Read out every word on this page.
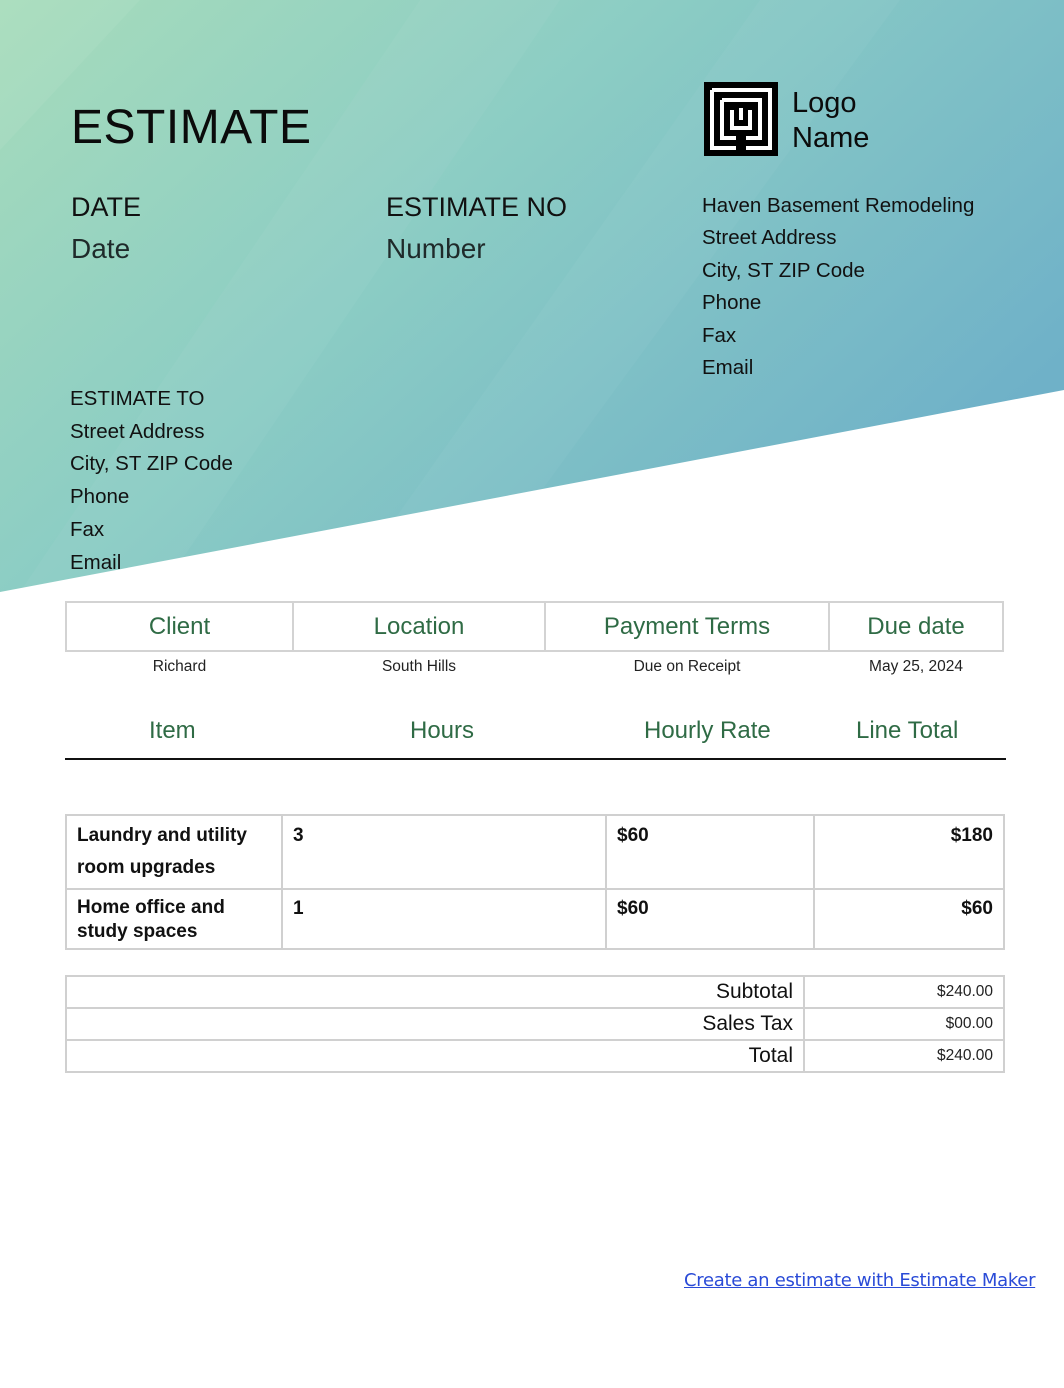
ESTIMATE
DATE
Date
ESTIMATE NO
Number
Logo
Name
Haven Basement Remodeling
Street Address
City, ST ZIP Code
Phone
Fax
Email
ESTIMATE TO
Street Address
City, ST ZIP Code
Phone
Fax
Email
Client	Location	Payment Terms	Due date
Richard	South Hills	Due on Receipt	May 25, 2024
Item	Hours	Hourly Rate	Line Total
Laundry and utility room upgrades	3	$60	$180
Home office and study spaces	1	$60	$60
Subtotal	$240.00
Sales Tax	$00.00
Total	$240.00
Create an estimate with Estimate Maker
